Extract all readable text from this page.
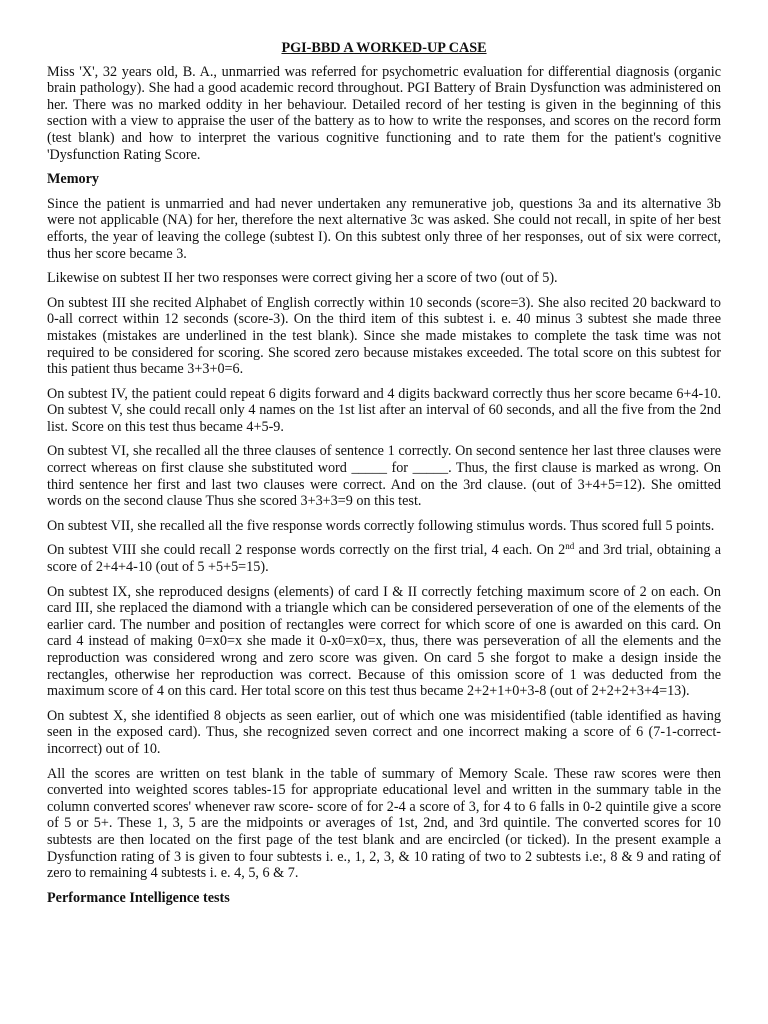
PGI-BBD A WORKED-UP CASE

Miss 'X', 32 years old, B. A., unmarried was referred for psychometric evaluation for differential diagnosis (organic brain pathology). She had a good academic record throughout. PGI Battery of Brain Dysfunction was administered on her. There was no marked oddity in her behaviour. Detailed record of her testing is given in the beginning of this section with a view to appraise the user of the battery as to how to write the responses, and scores on the record form (test blank) and how to interpret the various cognitive functioning and to rate them for the patient's cognitive 'Dysfunction Rating Score.

Memory

Since the patient is unmarried and had never undertaken any remunerative job, questions 3a and its alternative 3b were not applicable (NA) for her, therefore the next alternative 3c was asked. She could not recall, in spite of her best efforts, the year of leaving the college (subtest I). On this subtest only three of her responses, out of six were correct, thus her score became 3.

Likewise on subtest II her two responses were correct giving her a score of two (out of 5).

On subtest III she recited Alphabet of English correctly within 10 seconds (score=3). She also recited 20 backward to 0-all correct within 12 seconds (score-3). On the third item of this subtest i. e. 40 minus 3 subtest she made three mistakes (mistakes are underlined in the test blank). Since she made mistakes to complete the task time was not required to be considered for scoring. She scored zero because mistakes exceeded. The total score on this subtest for this patient thus became 3+3+0=6.

On subtest IV, the patient could repeat 6 digits forward and 4 digits backward correctly thus her score became 6+4-10. On subtest V, she could recall only 4 names on the 1st list after an interval of 60 seconds, and all the five from the 2nd list. Score on this test thus became 4+5-9.

On subtest VI, she recalled all the three clauses of sentence 1 correctly. On second sentence her last three clauses were correct whereas on first clause she substituted word _____ for _____. Thus, the first clause is marked as wrong. On third sentence her first and last two clauses were correct. And on the 3rd clause. (out of 3+4+5=12). She omitted words on the second clause Thus she scored 3+3+3=9 on this test.

On subtest VII, she recalled all the five response words correctly following stimulus words. Thus scored full 5 points.

On subtest VIII she could recall 2 response words correctly on the first trial, 4 each. On 2nd and 3rd trial, obtaining a score of 2+4+4-10 (out of 5 +5+5=15).

On subtest IX, she reproduced designs (elements) of card I & II correctly fetching maximum score of 2 on each. On card III, she replaced the diamond with a triangle which can be considered perseveration of one of the elements of the earlier card. The number and position of rectangles were correct for which score of one is awarded on this card. On card 4 instead of making 0=x0=x she made it 0-x0=x0=x, thus, there was perseveration of all the elements and the reproduction was considered wrong and zero score was given. On card 5 she forgot to make a design inside the rectangles, otherwise her reproduction was correct. Because of this omission score of 1 was deducted from the maximum score of 4 on this card. Her total score on this test thus became 2+2+1+0+3-8 (out of 2+2+2+3+4=13).

On subtest X, she identified 8 objects as seen earlier, out of which one was misidentified (table identified as having seen in the exposed card). Thus, she recognized seven correct and one incorrect making a score of 6 (7-1-correct-incorrect) out of 10.

All the scores are written on test blank in the table of summary of Memory Scale. These raw scores were then converted into weighted scores tables-15 for appropriate educational level and written in the summary table in the column converted scores' whenever raw score- score of for 2-4 a score of 3, for 4 to 6 falls in 0-2 quintile give a score of 5 or 5+. These 1, 3, 5 are the midpoints or averages of 1st, 2nd, and 3rd quintile. The converted scores for 10 subtests are then located on the first page of the test blank and are encircled (or ticked). In the present example a Dysfunction rating of 3 is given to four subtests i. e., 1, 2, 3, & 10 rating of two to 2 subtests i.e:, 8 & 9 and rating of zero to remaining 4 subtests i. e. 4, 5, 6 & 7.

Performance Intelligence tests
